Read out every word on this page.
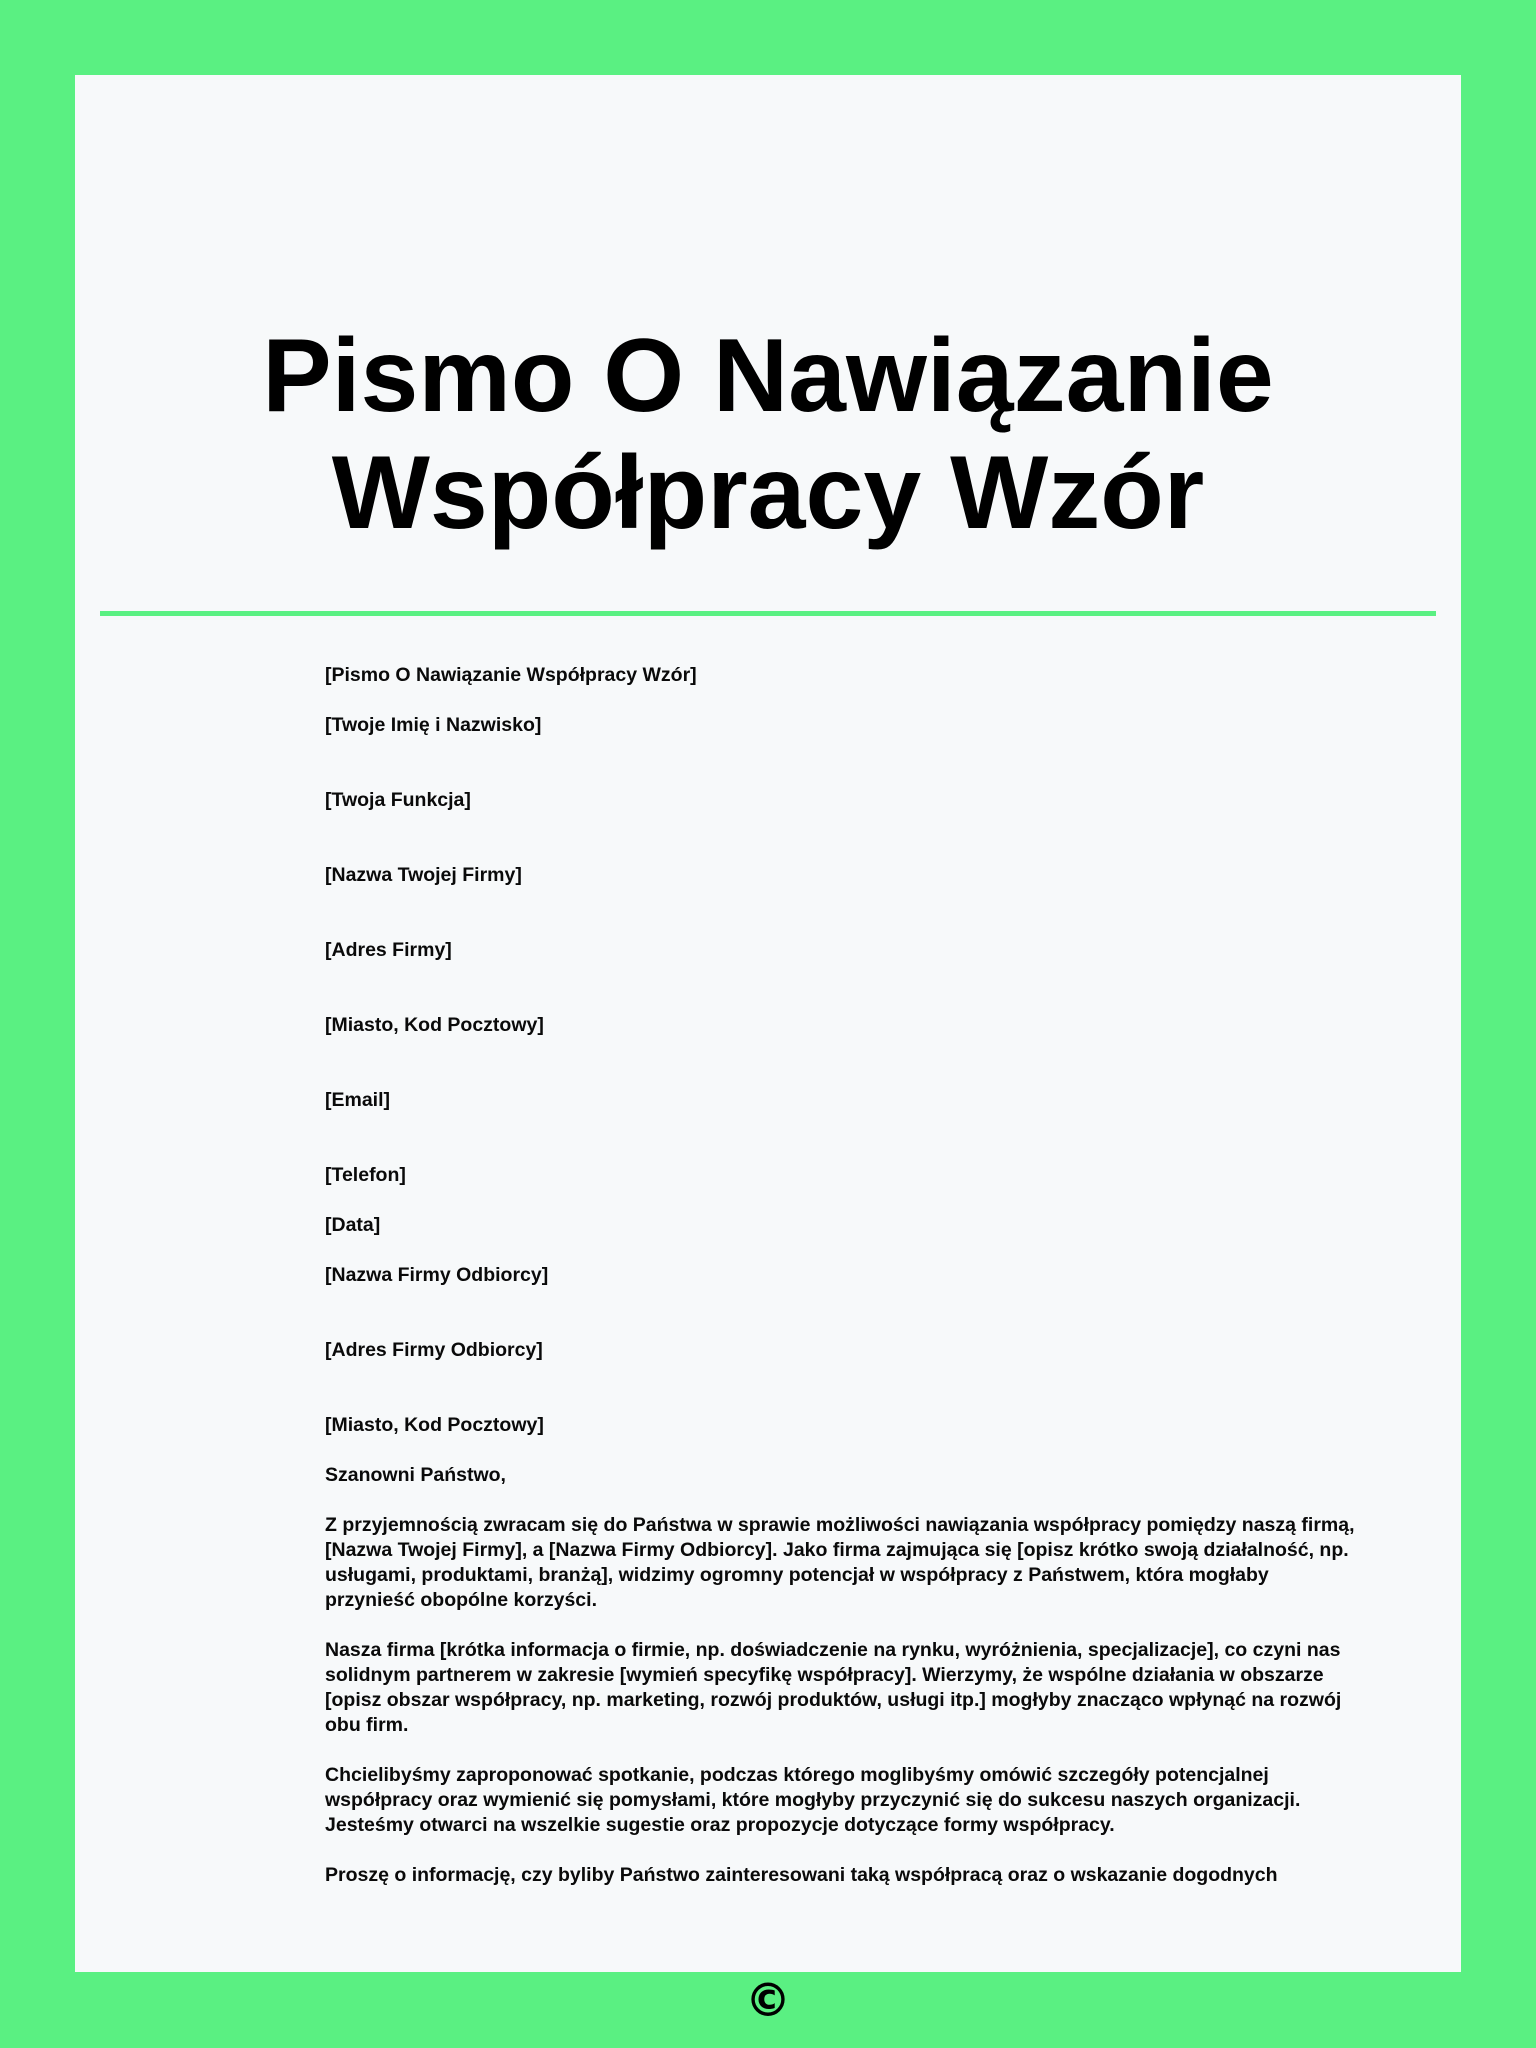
Pismo O Nawiązanie
Współpracy Wzór

[Pismo O Nawiązanie Współpracy Wzór]

[Twoje Imię i Nazwisko]

[Twoja Funkcja]

[Nazwa Twojej Firmy]

[Adres Firmy]

[Miasto, Kod Pocztowy]

[Email]

[Telefon]

[Data]

[Nazwa Firmy Odbiorcy]

[Adres Firmy Odbiorcy]

[Miasto, Kod Pocztowy]

Szanowni Państwo,

Z przyjemnością zwracam się do Państwa w sprawie możliwości nawiązania współpracy pomiędzy naszą firmą, [Nazwa Twojej Firmy], a [Nazwa Firmy Odbiorcy]. Jako firma zajmująca się [opisz krótko swoją działalność, np. usługami, produktami, branżą], widzimy ogromny potencjał w współpracy z Państwem, która mogłaby przynieść obopólne korzyści.

Nasza firma [krótka informacja o firmie, np. doświadczenie na rynku, wyróżnienia, specjalizacje], co czyni nas solidnym partnerem w zakresie [wymień specyfikę współpracy]. Wierzymy, że wspólne działania w obszarze [opisz obszar współpracy, np. marketing, rozwój produktów, usługi itp.] mogłyby znacząco wpłynąć na rozwój obu firm.

Chcielibyśmy zaproponować spotkanie, podczas którego moglibyśmy omówić szczegóły potencjalnej współpracy oraz wymienić się pomysłami, które mogłyby przyczynić się do sukcesu naszych organizacji. Jesteśmy otwarci na wszelkie sugestie oraz propozycje dotyczące formy współpracy.

Proszę o informację, czy byliby Państwo zainteresowani taką współpracą oraz o wskazanie dogodnych

©
